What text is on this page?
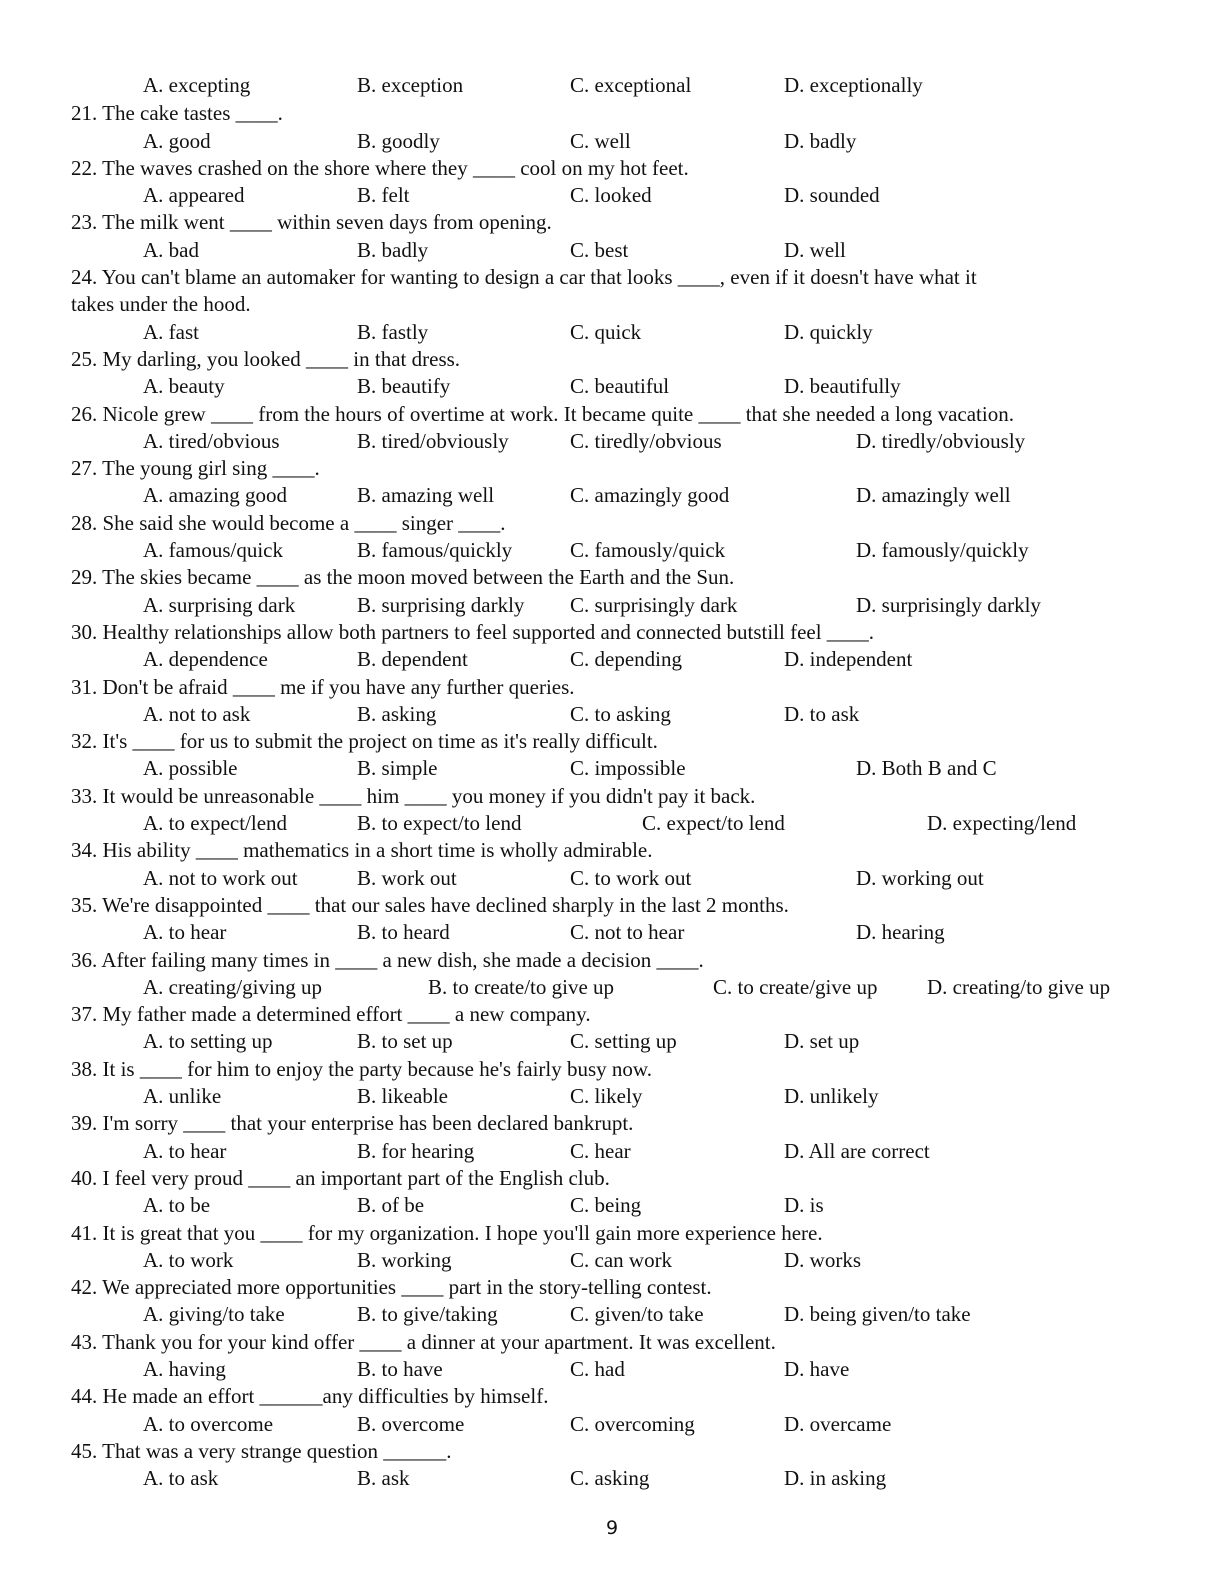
A. excepting	B. exception	C. exceptional	D. exceptionally
21. The cake tastes ____.
A. good	B. goodly	C. well	D. badly
22. The waves crashed on the shore where they ____ cool on my hot feet.
A. appeared	B. felt	C. looked	D. sounded
23. The milk went ____ within seven days from opening.
A. bad	B. badly	C. best	D. well
24. You can't blame an automaker for wanting to design a car that looks ____, even if it doesn't have what it
takes under the hood.
A. fast	B. fastly	C. quick	D. quickly
25. My darling, you looked ____ in that dress.
A. beauty	B. beautify	C. beautiful	D. beautifully
26. Nicole grew ____ from the hours of overtime at work. It became quite ____ that she needed a long vacation.
A. tired/obvious	B. tired/obviously	C. tiredly/obvious	D. tiredly/obviously
27. The young girl sing ____.
A. amazing good	B. amazing well	C. amazingly good	D. amazingly well
28. She said she would become a ____ singer ____.
A. famous/quick	B. famous/quickly	C. famously/quick	D. famously/quickly
29. The skies became ____ as the moon moved between the Earth and the Sun.
A. surprising dark	B. surprising darkly C. surprisingly dark	D. surprisingly darkly
30. Healthy relationships allow both partners to feel supported and connected butstill feel ____.
A. dependence	B. dependent	C. depending	D. independent
31. Don't be afraid ____ me if you have any further queries.
A. not to ask	B. asking	C. to asking	D. to ask
32. It's ____ for us to submit the project on time as it's really difficult.
A. possible	B. simple	C. impossible	D. Both B and C
33. It would be unreasonable ____ him ____ you money if you didn't pay it back.
A. to expect/lend	B. to expect/to lend	C. expect/to lend	D. expecting/lend
34. His ability ____ mathematics in a short time is wholly admirable.
A. not to work out	B. work out	C. to work out	D. working out
35. We're disappointed ____ that our sales have declined sharply in the last 2 months.
A. to hear	B. to heard	C. not to hear	D. hearing
36. After failing many times in ____ a new dish, she made a decision ____.
A. creating/giving up	B. to create/to give up	C. to create/give up D. creating/to give up
37. My father made a determined effort ____ a new company.
A. to setting up	B. to set up	C. setting up	D. set up
38. It is ____ for him to enjoy the party because he's fairly busy now.
A. unlike	B. likeable	C. likely	D. unlikely
39. I'm sorry ____ that your enterprise has been declared bankrupt.
A. to hear	B. for hearing	C. hear	D. All are correct
40. I feel very proud ____ an important part of the English club.
A. to be	B. of be	C. being	D. is
41. It is great that you ____ for my organization. I hope you'll gain more experience here.
A. to work	B. working	C. can work	D. works
42. We appreciated more opportunities ____ part in the story-telling contest.
A. giving/to take	B. to give/taking	C. given/to take	D. being given/to take
43. Thank you for your kind offer ____ a dinner at your apartment. It was excellent.
A. having	B. to have	C. had	D. have
44. He made an effort ______any difficulties by himself.
A. to overcome	B. overcome	C. overcoming	D. overcame
45. That was a very strange question ______.
A. to ask	B. ask	C. asking	D. in asking
9
